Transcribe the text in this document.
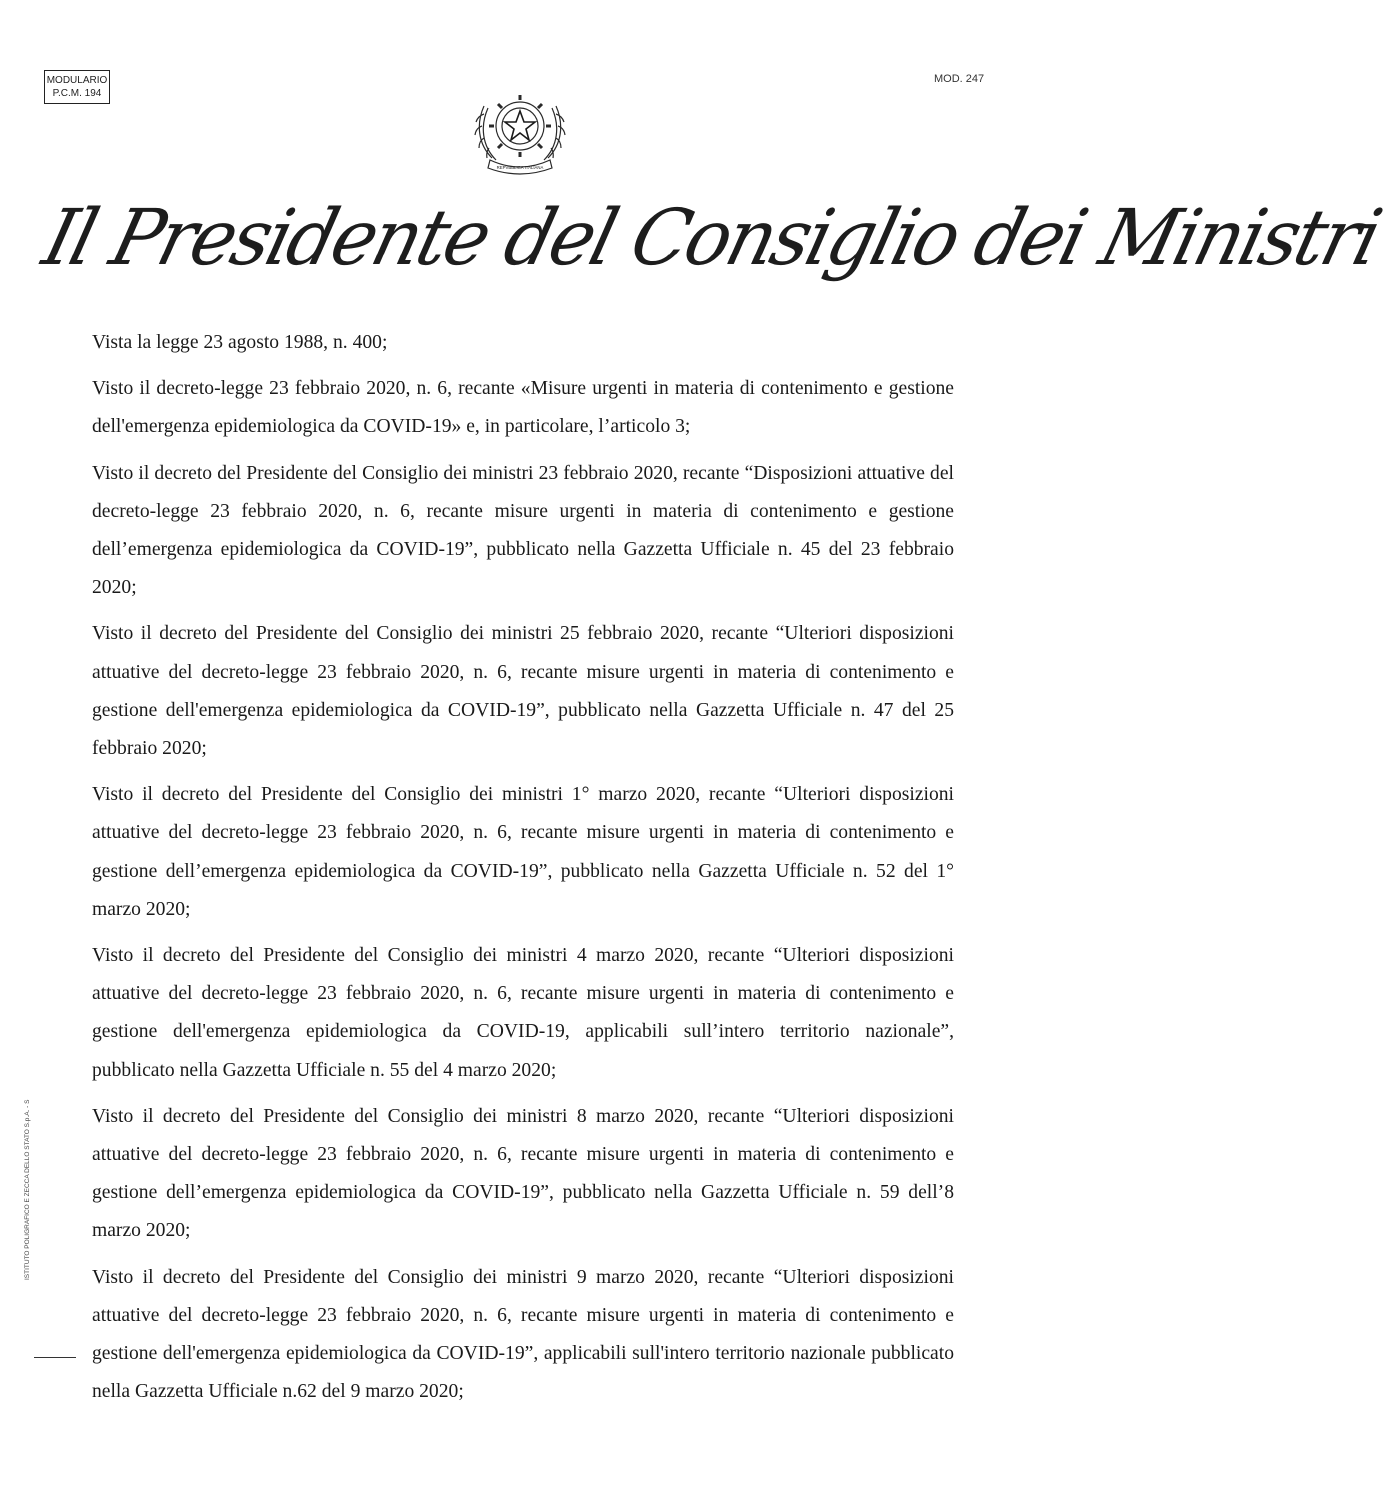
MODULARIO
P.C.M. 194
MOD. 247
REPVBBLICA ITALIANA
Il Presidente del Consiglio dei Ministri

Vista la legge 23 agosto 1988, n. 400;

Visto il decreto-legge 23 febbraio 2020, n. 6, recante «Misure urgenti in materia di contenimento e gestione dell'emergenza epidemiologica da COVID-19» e, in particolare, l’articolo 3;

Visto il decreto del Presidente del Consiglio dei ministri 23 febbraio 2020, recante “Disposizioni attuative del decreto-legge 23 febbraio 2020, n. 6, recante misure urgenti in materia di contenimento e gestione dell’emergenza epidemiologica da COVID-19”, pubblicato nella Gazzetta Ufficiale n. 45 del 23 febbraio 2020;

Visto il decreto del Presidente del Consiglio dei ministri 25 febbraio 2020, recante “Ulteriori disposizioni attuative del decreto-legge 23 febbraio 2020, n. 6, recante misure urgenti in materia di contenimento e gestione dell'emergenza epidemiologica da COVID-19”, pubblicato nella Gazzetta Ufficiale n. 47 del 25 febbraio 2020;

Visto il decreto del Presidente del Consiglio dei ministri 1° marzo 2020, recante “Ulteriori disposizioni attuative del decreto-legge 23 febbraio 2020, n. 6, recante misure urgenti in materia di contenimento e gestione dell’emergenza epidemiologica da COVID-19”, pubblicato nella Gazzetta Ufficiale n. 52 del 1° marzo 2020;

Visto il decreto del Presidente del Consiglio dei ministri 4 marzo 2020, recante “Ulteriori disposizioni attuative del decreto-legge 23 febbraio 2020, n. 6, recante misure urgenti in materia di contenimento e gestione dell'emergenza epidemiologica da COVID-19, applicabili sull’intero territorio nazionale”, pubblicato nella Gazzetta Ufficiale n. 55 del 4 marzo 2020;

Visto il decreto del Presidente del Consiglio dei ministri 8 marzo 2020, recante “Ulteriori disposizioni attuative del decreto-legge 23 febbraio 2020, n. 6, recante misure urgenti in materia di contenimento e gestione dell’emergenza epidemiologica da COVID-19”, pubblicato nella Gazzetta Ufficiale n. 59 dell’8 marzo 2020;

Visto il decreto del Presidente del Consiglio dei ministri 9 marzo 2020, recante “Ulteriori disposizioni attuative del decreto-legge 23 febbraio 2020, n. 6, recante misure urgenti in materia di contenimento e gestione dell'emergenza epidemiologica da COVID-19”, applicabili sull'intero territorio nazionale pubblicato nella Gazzetta Ufficiale n.62 del 9 marzo 2020;

ISTITUTO POLIGRAFICO E ZECCA DELLO STATO S.p.A. - S
